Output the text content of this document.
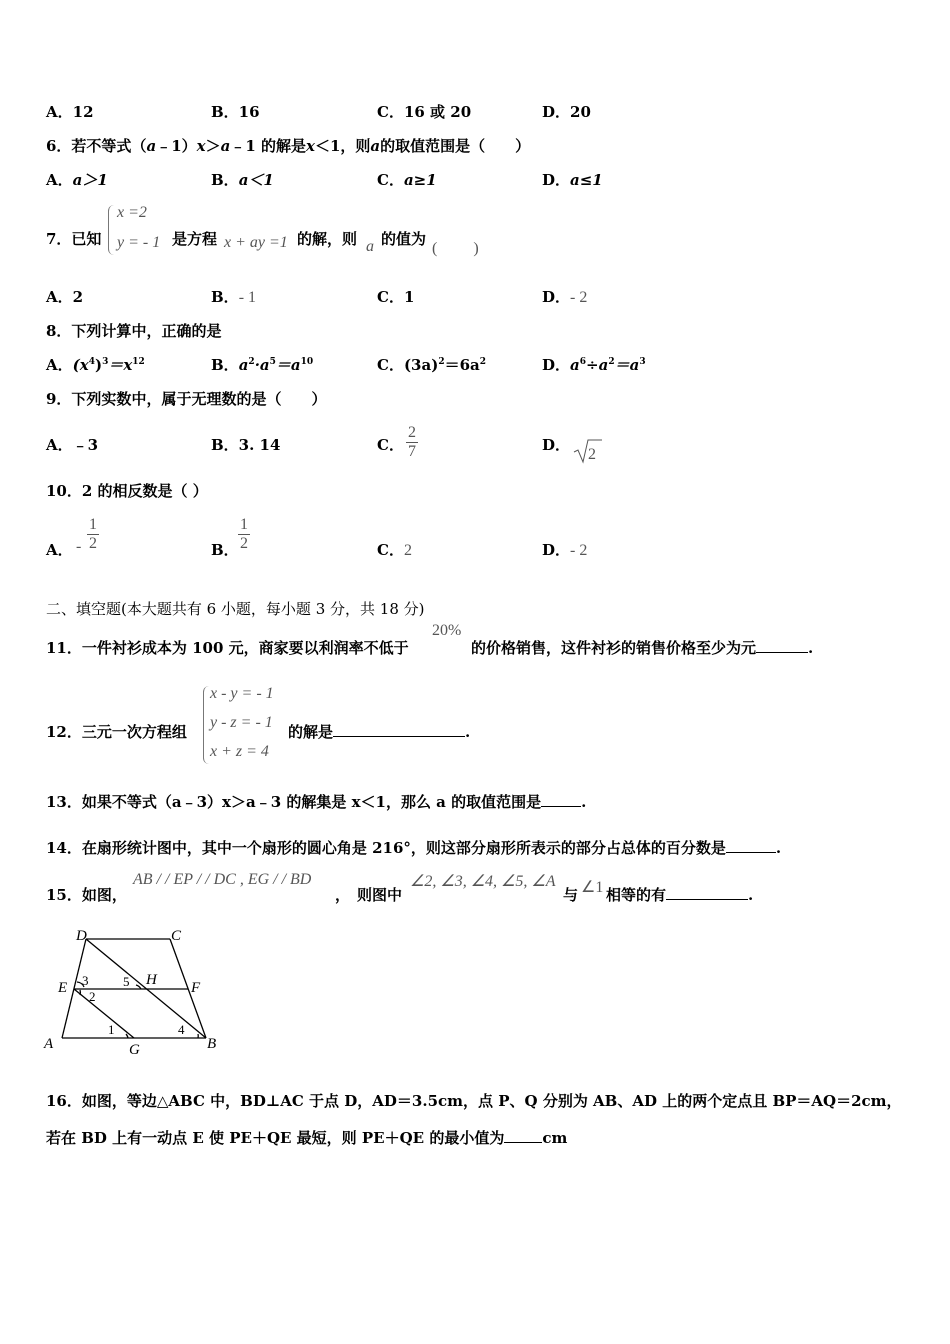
A．12	B．16	C．16 或 20	D．20
6．若不等式（a﹣1）x＞a﹣1 的解是x＜1，则a的取值范围是（　　）
A．a＞1	B．a＜1	C．a≥1	D．a≤1
7．已知
x =2
y = - 1 是方程 x + ay =1 的解，则 a 的值为
(　　 )
A．2	B．- 1	C．1	D．- 2
8．下列计算中，正确的是
A．$(x^4)^3=x^{12}$	B．$a^2\cdot a^5=a^{10}$	C．$(3a)^2=6a^2$	D．$a^6\div a^2=a^3$
9．下列实数中，属于无理数的是（　　）
A．﹣3	B．3. 14	C． $\frac{2}{7}$	D．
2
10．2 的相反数是（ ）
A． - $\frac{1}{2}$	B． $\frac{1}{2}$	C．2	D．- 2
二、填空题(本大题共有 6 小题，每小题 3 分，共 18 分)
11．一件衬衫成本为 100 元，商家要以利润率不低于
20%
的价格销售，这件衬衫的销售价格至少为元	.
12．三元一次方程组
x - y = - 1
y - z = - 1
x + z = 4
的解是	.
13．如果不等式（a﹣3）x＞a﹣3 的解集是 x＜1，那么 a 的取值范围是	.
14．在扇形统计图中，其中一个扇形的圆心角是 216°，则这部分扇形所表示的部分占总体的百分数是	.
15．如图，
AB / / EP / / DC , EG / / BD
， 则图中
∠2, ∠3, ∠4, ∠5, ∠A
与 ∠1 相等的有	.
D	C
E	H F
A	G	B
1
2
3
4
5
16．如图，等边△ABC 中，BD⊥AC 于点 D，AD＝3.5cm，点 P、Q 分别为 AB、AD 上的两个定点且 BP＝AQ＝2cm，
若在 BD 上有一动点 E 使 PE＋QE 最短，则 PE＋QE 的最小值为	cm
